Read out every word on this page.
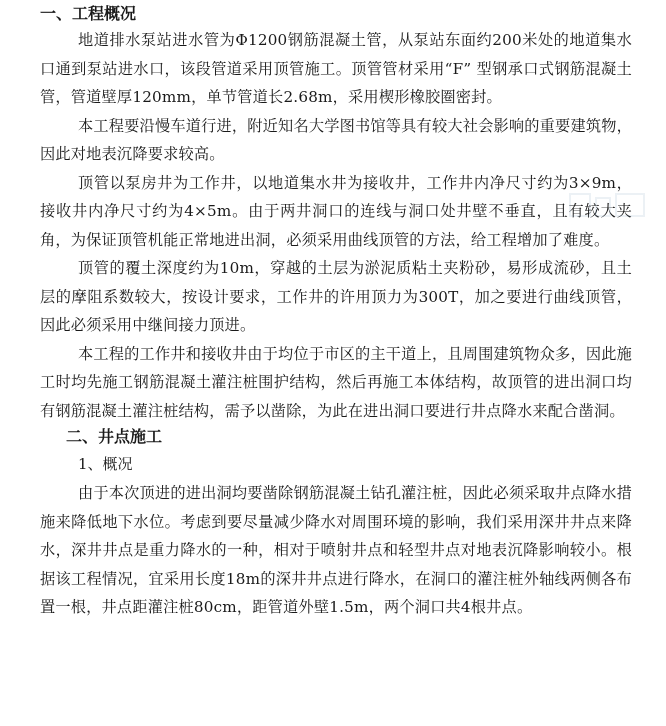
一、工程概况

地道排水泵站进水管为Φ1200钢筋混凝土管，从泵站东面约200米处的地道集水口通到泵站进水口，该段管道采用顶管施工。顶管管材采用“F” 型钢承口式钢筋混凝土管，管道壁厚120mm，单节管道长2.68m，采用楔形橡胶圈密封。

本工程要沿慢车道行进，附近知名大学图书馆等具有较大社会影响的重要建筑物，因此对地表沉降要求较高。

顶管以泵房井为工作井，以地道集水井为接收井，工作井内净尺寸约为3×9m，接收井内净尺寸约为4×5m。由于两井洞口的连线与洞口处井壁不垂直，且有较大夹角，为保证顶管机能正常地进出洞，必须采用曲线顶管的方法，给工程增加了难度。

顶管的覆土深度约为10m，穿越的土层为淤泥质粘土夹粉砂，易形成流砂，且土层的摩阻系数较大，按设计要求，工作井的许用顶力为300T，加之要进行曲线顶管，因此必须采用中继间接力顶进。

本工程的工作井和接收井由于均位于市区的主干道上，且周围建筑物众多，因此施工时均先施工钢筋混凝土灌注桩围护结构，然后再施工本体结构，故顶管的进出洞口均有钢筋混凝土灌注桩结构，需予以凿除，为此在进出洞口要进行井点降水来配合凿洞。

二、井点施工

1、概况

由于本次顶进的进出洞均要凿除钢筋混凝土钻孔灌注桩，因此必须采取井点降水措施来降低地下水位。考虑到要尽量减少降水对周围环境的影响，我们采用深井井点来降水，深井井点是重力降水的一种，相对于喷射井点和轻型井点对地表沉降影响较小。根据该工程情况，宜采用长度18m的深井井点进行降水，在洞口的灌注桩外轴线两侧各布置一根，井点距灌注桩80cm，距管道外壁1.5m，两个洞口共4根井点。
